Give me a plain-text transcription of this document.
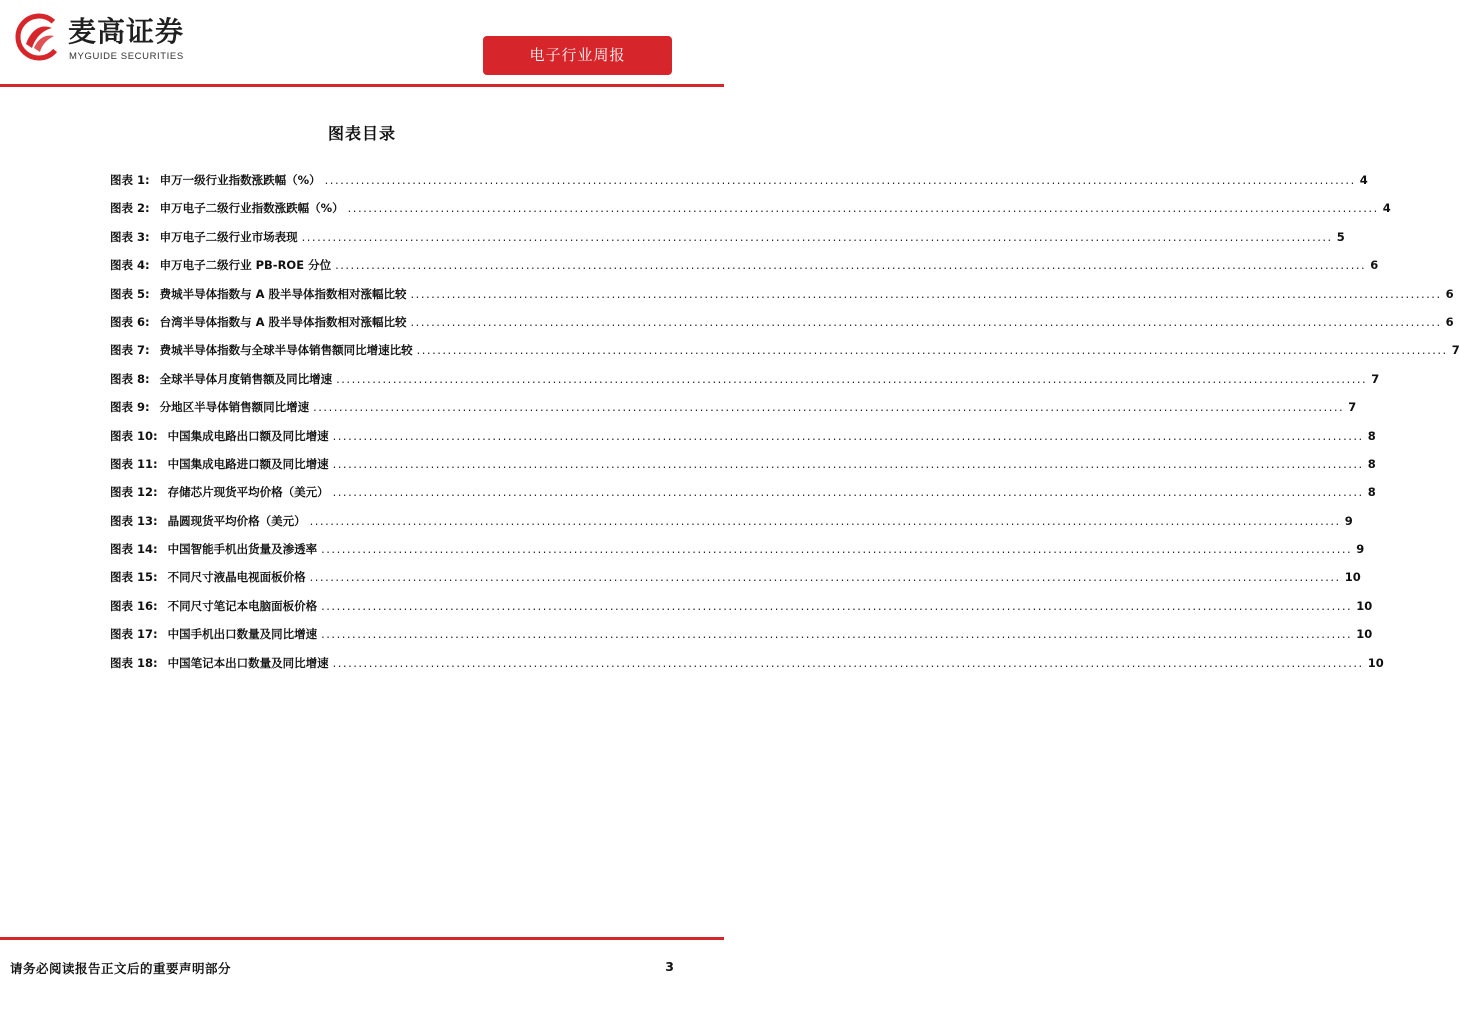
麦高证券
MYGUIDE SECURITIES	电子行业周报
图表目录
图表 1: 申万一级行业指数涨跌幅（%） ........................................................................................................................................................................................................ 4
图表 2: 申万电子二级行业指数涨跌幅（%） ........................................................................................................................................................................................................ 4
图表 3: 申万电子二级行业市场表现 ........................................................................................................................................................................................................ 5
图表 4: 申万电子二级行业 PB-ROE 分位 ........................................................................................................................................................................................................ 6
图表 5: 费城半导体指数与 A 股半导体指数相对涨幅比较 ........................................................................................................................................................................................................ 6
图表 6: 台湾半导体指数与 A 股半导体指数相对涨幅比较 ........................................................................................................................................................................................................ 6
图表 7: 费城半导体指数与全球半导体销售额同比增速比较 ........................................................................................................................................................................................................ 7
图表 8: 全球半导体月度销售额及同比增速 ........................................................................................................................................................................................................ 7
图表 9: 分地区半导体销售额同比增速 ........................................................................................................................................................................................................ 7
图表 10: 中国集成电路出口额及同比增速 ........................................................................................................................................................................................................ 8
图表 11: 中国集成电路进口额及同比增速 ........................................................................................................................................................................................................ 8
图表 12: 存储芯片现货平均价格（美元） ........................................................................................................................................................................................................ 8
图表 13: 晶圆现货平均价格（美元） ........................................................................................................................................................................................................ 9
图表 14: 中国智能手机出货量及渗透率 ........................................................................................................................................................................................................ 9
图表 15: 不同尺寸液晶电视面板价格 ........................................................................................................................................................................................................ 10
图表 16: 不同尺寸笔记本电脑面板价格 ........................................................................................................................................................................................................ 10
图表 17: 中国手机出口数量及同比增速 ........................................................................................................................................................................................................ 10
图表 18: 中国笔记本出口数量及同比增速 ........................................................................................................................................................................................................ 10
请务必阅读报告正文后的重要声明部分	3
